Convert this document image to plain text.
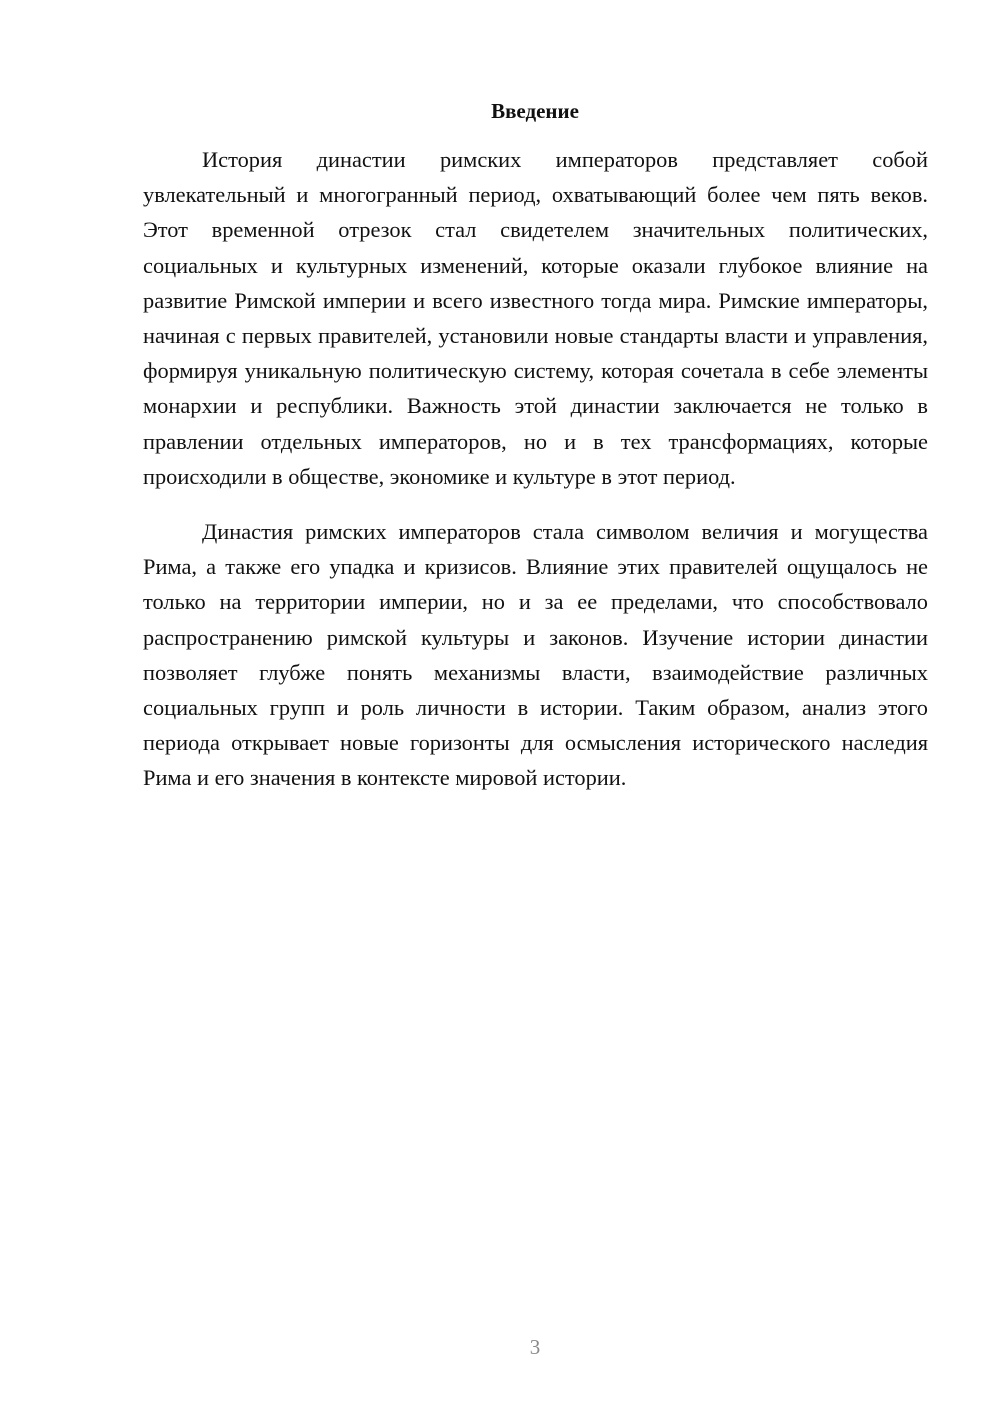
Введение

История династии римских императоров представляет собой увлекательный и многогранный период, охватывающий более чем пять веков. Этот временной отрезок стал свидетелем значительных политических, социальных и культурных изменений, которые оказали глубокое влияние на развитие Римской империи и всего известного тогда мира. Римские императоры, начиная с первых правителей, установили новые стандарты власти и управления, формируя уникальную политическую систему, которая сочетала в себе элементы монархии и республики. Важность этой династии заключается не только в правлении отдельных императоров, но и в тех трансформациях, которые происходили в обществе, экономике и культуре в этот период.

Династия римских императоров стала символом величия и могущества Рима, а также его упадка и кризисов. Влияние этих правителей ощущалось не только на территории империи, но и за ее пределами, что способствовало распространению римской культуры и законов. Изучение истории династии позволяет глубже понять механизмы власти, взаимодействие различных социальных групп и роль личности в истории. Таким образом, анализ этого периода открывает новые горизонты для осмысления исторического наследия Рима и его значения в контексте мировой истории.

3
